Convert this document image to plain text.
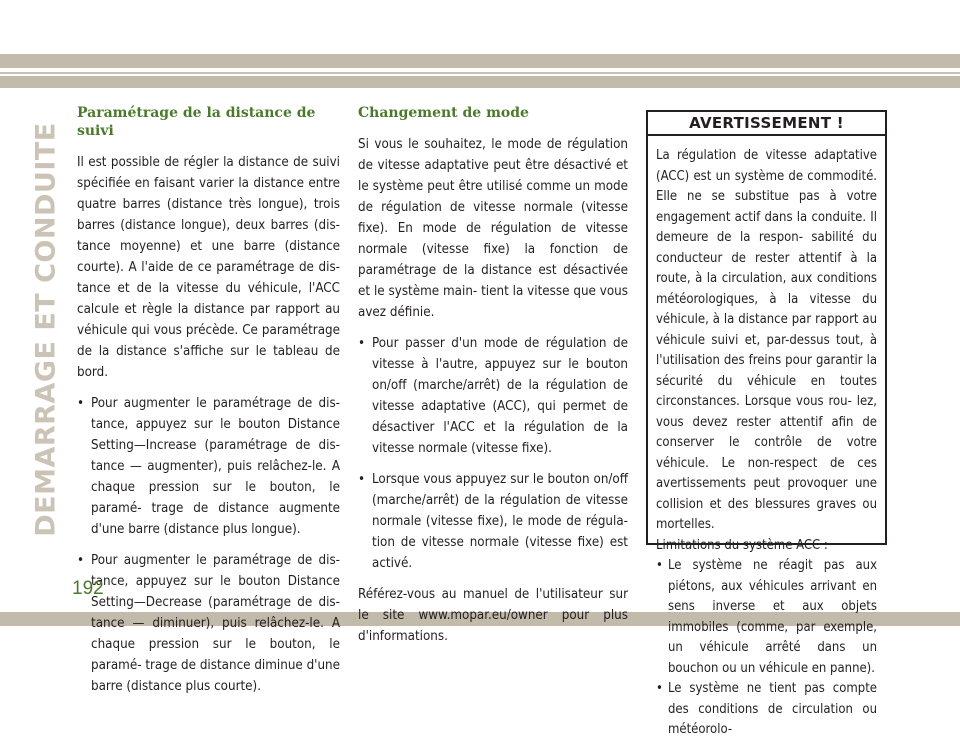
DEMARRAGE ET CONDUITE
Paramétrage de la distance de suivi

Il est possible de régler la distance de suivi spécifiée en faisant varier la distance entre quatre barres (distance très longue), trois barres (distance longue), deux barres (dis- tance moyenne) et une barre (distance courte). A l'aide de ce paramétrage de dis- tance et de la vitesse du véhicule, l'ACC calcule et règle la distance par rapport au véhicule qui vous précède. Ce paramétrage de la distance s'affiche sur le tableau de bord.

• Pour augmenter le paramétrage de dis- tance, appuyez sur le bouton Distance Setting—Increase (paramétrage de dis- tance — augmenter), puis relâchez-le. A chaque pression sur le bouton, le paramé- trage de distance augmente d'une barre (distance plus longue).
• Pour augmenter le paramétrage de dis- tance, appuyez sur le bouton Distance Setting—Decrease (paramétrage de dis- tance — diminuer), puis relâchez-le. A chaque pression sur le bouton, le paramé- trage de distance diminue d'une barre (distance plus courte).
Changement de mode

Si vous le souhaitez, le mode de régulation de vitesse adaptative peut être désactivé et le système peut être utilisé comme un mode de régulation de vitesse normale (vitesse fixe). En mode de régulation de vitesse normale (vitesse fixe) la fonction de paramétrage de la distance est désactivée et le système main- tient la vitesse que vous avez définie.

• Pour passer d'un mode de régulation de vitesse à l'autre, appuyez sur le bouton on/off (marche/arrêt) de la régulation de vitesse adaptative (ACC), qui permet de désactiver l'ACC et la régulation de la vitesse normale (vitesse fixe).
• Lorsque vous appuyez sur le bouton on/off (marche/arrêt) de la régulation de vitesse normale (vitesse fixe), le mode de régula- tion de vitesse normale (vitesse fixe) est activé.

Référez-vous au manuel de l'utilisateur sur le site www.mopar.eu/owner pour plus d'informations.

AVERTISSEMENT !

La régulation de vitesse adaptative (ACC) est un système de commodité. Elle ne se substitue pas à votre engagement actif dans la conduite. Il demeure de la respon- sabilité du conducteur de rester attentif à la route, à la circulation, aux conditions météorologiques, à la vitesse du véhicule, à la distance par rapport au véhicule suivi et, par-dessus tout, à l'utilisation des freins pour garantir la sécurité du véhicule en toutes circonstances. Lorsque vous rou- lez, vous devez rester attentif afin de conserver le contrôle de votre véhicule. Le non-respect de ces avertissements peut provoquer une collision et des blessures graves ou mortelles.

Limitations du système ACC :

• Le système ne réagit pas aux piétons, aux véhicules arrivant en sens inverse et aux objets immobiles (comme, par exemple, un véhicule arrêté dans un bouchon ou un véhicule en panne).
• Le système ne tient pas compte des conditions de circulation ou météorolo-
192
